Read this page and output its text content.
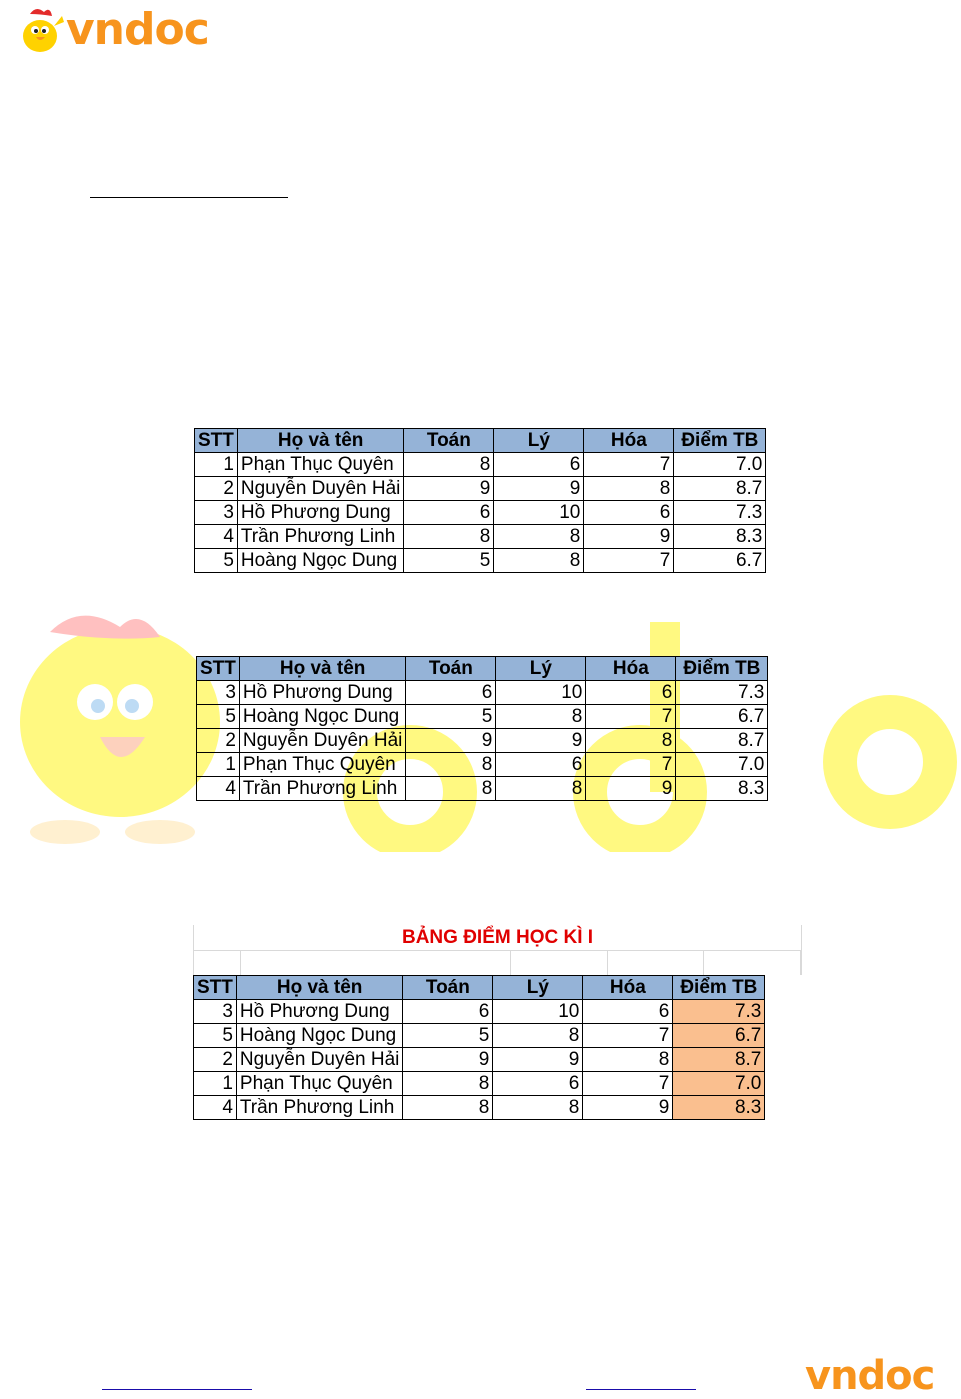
vndoc
STT	Họ và tên	Toán	Lý	Hóa	Điểm TB
1	Phạn Thục Quyên	8	6	7	7.0
2	Nguyễn Duyên Hải	9	9	8	8.7
3	Hồ Phương Dung	6	10	6	7.3
4	Trần Phương Linh	8	8	9	8.3
5	Hoàng Ngọc Dung	5	8	7	6.7
STT	Họ và tên	Toán	Lý	Hóa	Điểm TB
3	Hồ Phương Dung	6	10	6	7.3
5	Hoàng Ngọc Dung	5	8	7	6.7
2	Nguyễn Duyên Hải	9	9	8	8.7
1	Phạn Thục Quyên	8	6	7	7.0
4	Trần Phương Linh	8	8	9	8.3
BẢNG ĐIỂM HỌC KÌ I
STT	Họ và tên	Toán	Lý	Hóa	Điểm TB
3	Hồ Phương Dung	6	10	6	7.3
5	Hoàng Ngọc Dung	5	8	7	6.7
2	Nguyễn Duyên Hải	9	9	8	8.7
1	Phạn Thục Quyên	8	6	7	7.0
4	Trần Phương Linh	8	8	9	8.3
vndoc
